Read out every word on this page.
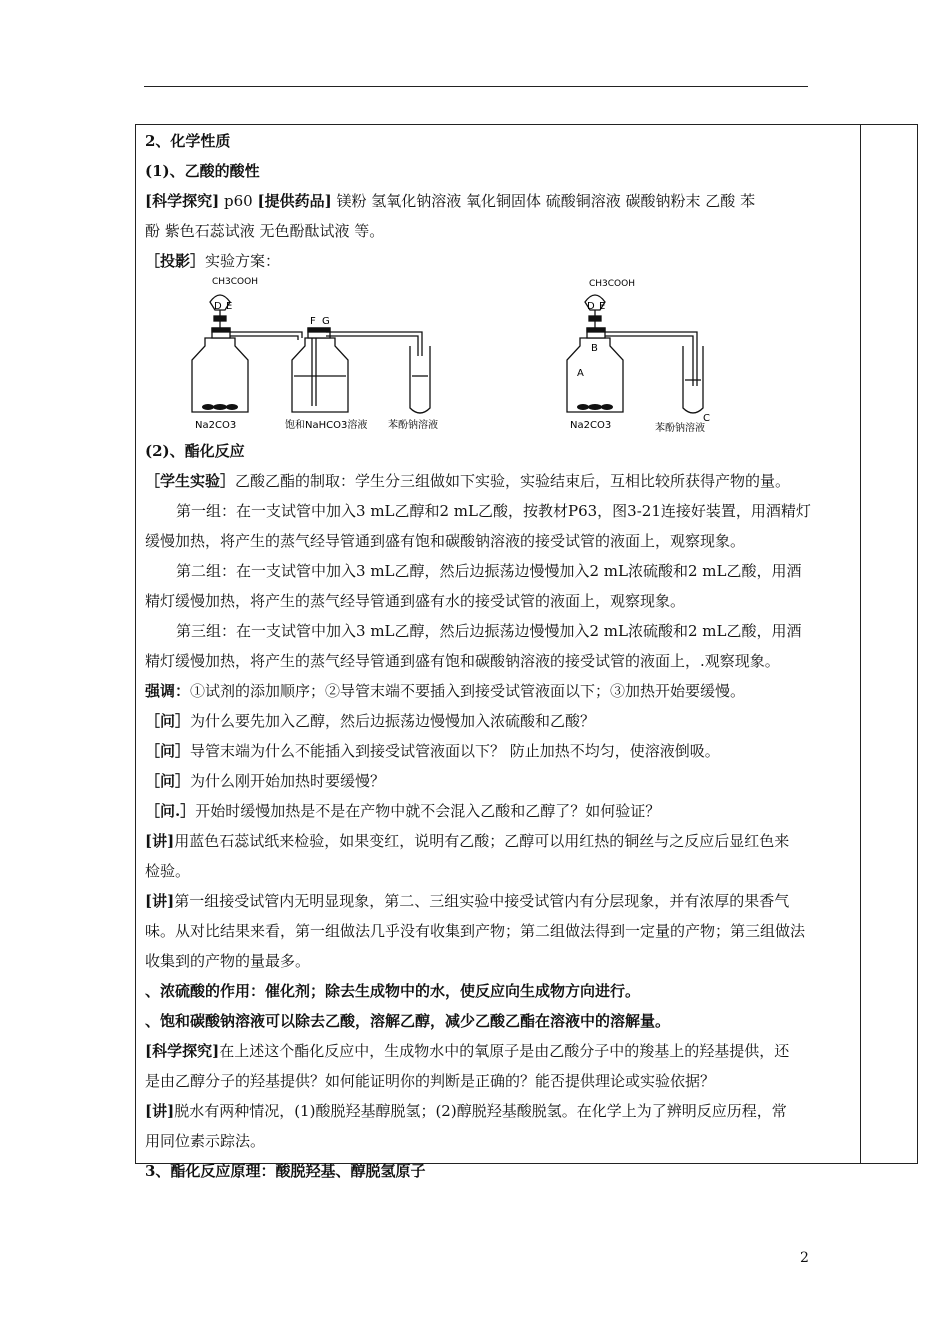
2、化学性质

(1)、乙酸的酸性

[科学探究] p60 [提供药品] 镁粉 氢氧化钠溶液 氧化铜固体 硫酸铜溶液 碳酸钠粉末 乙酸 苯

酚 紫色石蕊试液 无色酚酞试液 等。

［投影］实验方案：

CH3COOH
D E
F G
Na2CO3	饱和NaHCO3溶液 苯酚钠溶液
CH3COOH
D E
A
B
C
Na2CO3	苯酚钠溶液

(2)、酯化反应

［学生实验］乙酸乙酯的制取：学生分三组做如下实验，实验结束后，互相比较所获得产物的量。

第一组：在一支试管中加入3 mL乙醇和2 mL乙酸，按教材P63，图3-21连接好装置，用酒精灯

缓慢加热，将产生的蒸气经导管通到盛有饱和碳酸钠溶液的接受试管的液面上，观察现象。

第二组：在一支试管中加入3 mL乙醇，然后边振荡边慢慢加入2 mL浓硫酸和2 mL乙酸，用酒

精灯缓慢加热，将产生的蒸气经导管通到盛有水的接受试管的液面上，观察现象。

第三组：在一支试管中加入3 mL乙醇，然后边振荡边慢慢加入2 mL浓硫酸和2 mL乙酸，用酒

精灯缓慢加热，将产生的蒸气经导管通到盛有饱和碳酸钠溶液的接受试管的液面上，.观察现象。

强调：①试剂的添加顺序；②导管末端不要插入到接受试管液面以下；③加热开始要缓慢。

［问］为什么要先加入乙醇，然后边振荡边慢慢加入浓硫酸和乙酸？

［问］导管末端为什么不能插入到接受试管液面以下？ 防止加热不均匀，使溶液倒吸。

［问］为什么刚开始加热时要缓慢？

［问.］开始时缓慢加热是不是在产物中就不会混入乙酸和乙醇了？如何验证？

[讲]用蓝色石蕊试纸来检验，如果变红，说明有乙酸；乙醇可以用红热的铜丝与之反应后显红色来

检验。

[讲]第一组接受试管内无明显现象，第二、三组实验中接受试管内有分层现象，并有浓厚的果香气

味。从对比结果来看，第一组做法几乎没有收集到产物；第二组做法得到一定量的产物；第三组做法

收集到的产物的量最多。

、浓硫酸的作用：催化剂；除去生成物中的水，使反应向生成物方向进行。

、饱和碳酸钠溶液可以除去乙酸，溶解乙醇，减少乙酸乙酯在溶液中的溶解量。

[科学探究]在上述这个酯化反应中，生成物水中的氧原子是由乙酸分子中的羧基上的羟基提供，还

是由乙醇分子的羟基提供？如何能证明你的判断是正确的？能否提供理论或实验依据？

[讲]脱水有两种情况，(1)酸脱羟基醇脱氢；(2)醇脱羟基酸脱氢。在化学上为了辨明反应历程，常

用同位素示踪法。

3、酯化反应原理：酸脱羟基、醇脱氢原子

2
